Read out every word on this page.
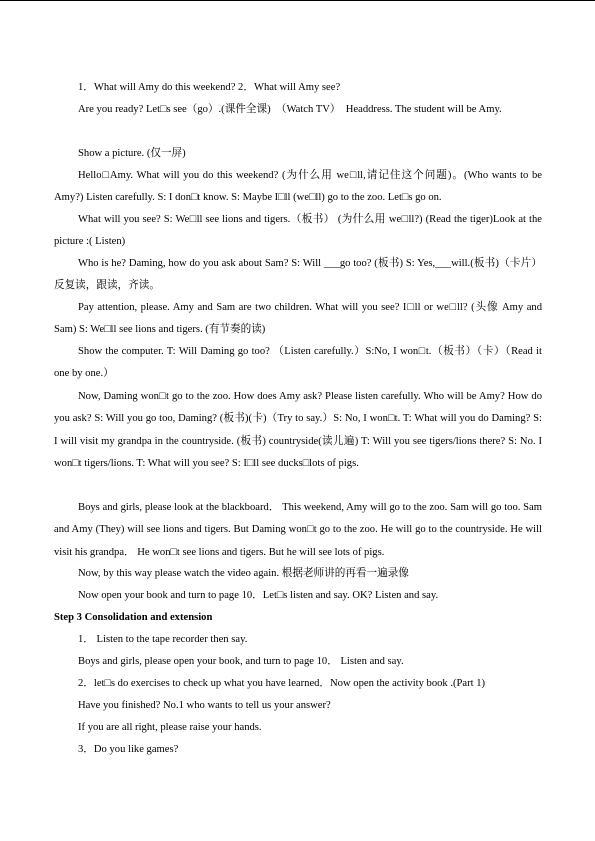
1．What will Amy do this weekend? 2．What will Amy see?

Are you ready? Let□s see（go）.(课件全课)　（Watch TV）　Headdress. The student will be Amy.

Show a picture. (仅一屏)

Hello□Amy. What will you do this weekend? (为什么用 we□ll,请记住这个问题)。(Who wants to be Amy?) Listen carefully. S: I don□t know. S: Maybe I□ll (we□ll) go to the zoo. Let□s go on.

What will you see? S: We□ll see lions and tigers.（板书） (为什么用 we□ll?) (Read the tiger)Look at the picture :( Listen)

Who is he? Daming, how do you ask about Sam? S: Will ___go too? (板书) S: Yes,___will.(板书)（卡片）反复读，跟读，齐读。

Pay attention, please. Amy and Sam are two children. What will you see? I□ll or we□ll? (头像 Amy and Sam) S: We□ll see lions and tigers. (有节奏的读)

Show the computer. T: Will Daming go too? （Listen carefully.）S:No, I won□t.（板书）（卡）（Read it one by one.）

Now, Daming won□t go to the zoo. How does Amy ask? Please listen carefully. Who will be Amy? How do you ask? S: Will you go too, Daming? (板书)(卡)（Try to say.）S: No, I won□t. T: What will you do Daming? S: I will visit my grandpa in the countryside. (板书) countryside(读儿遍) T: Will you see tigers/lions there? S: No. I won□t tigers/lions. T: What will you see? S: I□ll see ducks□lots of pigs.

Boys and girls, please look at the blackboard． This weekend, Amy will go to the zoo. Sam will go too. Sam and Amy (They) will see lions and tigers. But Daming won□t go to the zoo. He will go to the countryside. He will visit his grandpa． He won□t see lions and tigers. But he will see lots of pigs.

Now, by this way please watch the video again. 根据老师讲的再看一遍录像

Now open your book and turn to page 10．Let□s listen and say. OK? Listen and say.

Step 3 Consolidation and extension

1． Listen to the tape recorder then say.

Boys and girls, please open your book, and turn to page 10． Listen and say.

2．let□s do exercises to check up what you have learned．Now open the activity book .(Part 1)

Have you finished? No.1 who wants to tell us your answer?

If you are all right, please raise your hands.

3．Do you like games?
